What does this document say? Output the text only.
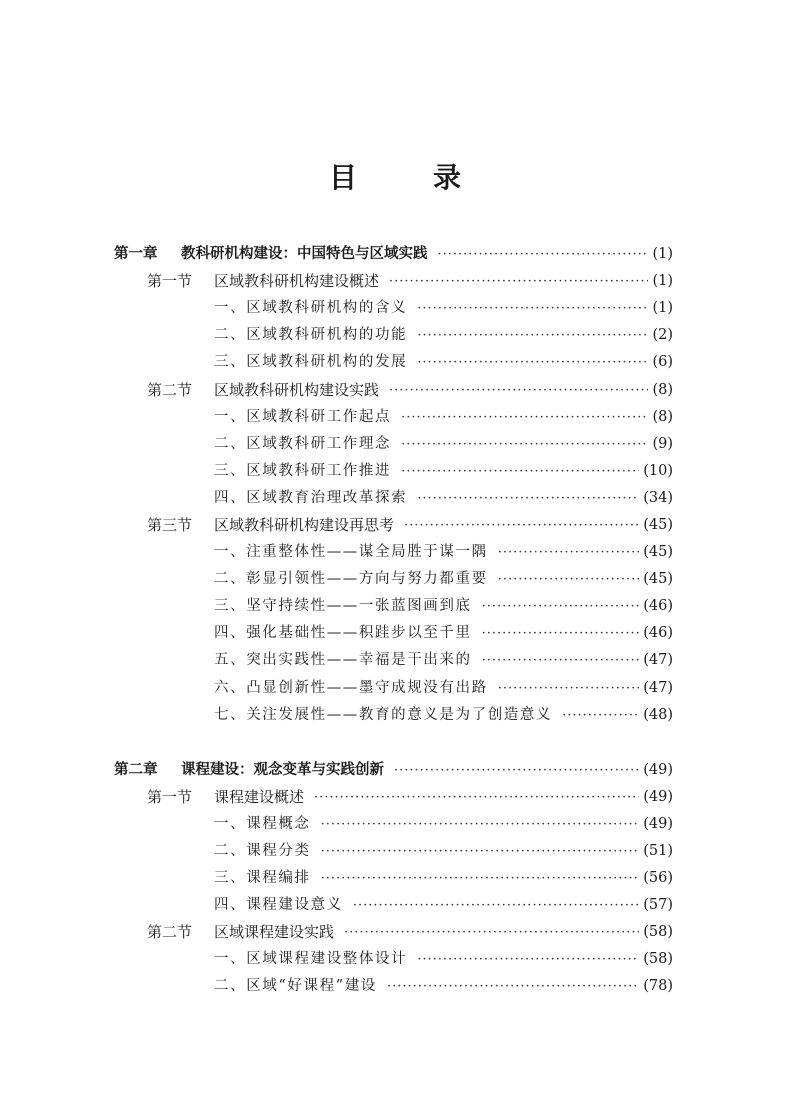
目　录
第一章 教科研机构建设：中国特色与区域实践 ·····	(1)
第一节 区域教科研机构建设概述 ·····	(1)
一、区域教科研机构的含义 ·····	(1)
二、区域教科研机构的功能 ·····	(2)
三、区域教科研机构的发展 ·····	(6)
第二节 区域教科研机构建设实践 ·····	(8)
一、区域教科研工作起点 ·····	(8)
二、区域教科研工作理念 ·····	(9)
三、区域教科研工作推进 ·····	(10)
四、区域教育治理改革探索 ·····	(34)
第三节 区域教科研机构建设再思考 ·····	(45)
一、注重整体性——谋全局胜于谋一隅 ·····	(45)
二、彰显引领性——方向与努力都重要 ·····	(45)
三、坚守持续性——一张蓝图画到底 ·····	(46)
四、强化基础性——积跬步以至千里 ·····	(46)
五、突出实践性——幸福是干出来的 ·····	(47)
六、凸显创新性——墨守成规没有出路 ·····	(47)
七、关注发展性——教育的意义是为了创造意义 ·····	(48)
第二章 课程建设：观念变革与实践创新 ·····	(49)
第一节 课程建设概述 ·····	(49)
一、课程概念 ·····	(49)
二、课程分类 ·····	(51)
三、课程编排 ·····	(56)
四、课程建设意义 ·····	(57)
第二节 区域课程建设实践 ·····	(58)
一、区域课程建设整体设计 ·····	(58)
二、区域“好课程”建设 ·····	(78)
